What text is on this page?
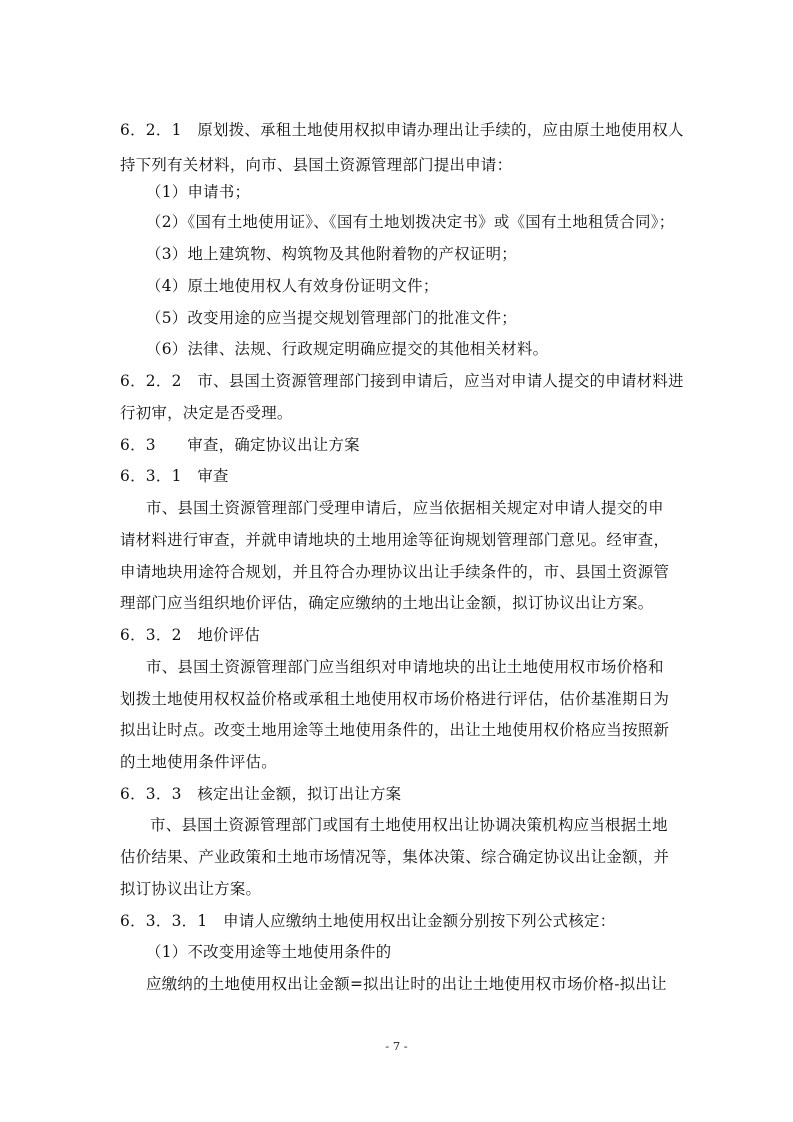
6．2．1　原划拨、承租土地使用权拟申请办理出让手续的，应由原土地使用权人
持下列有关材料，向市、县国土资源管理部门提出申请：
（1）申请书；
（2）《国有土地使用证》、《国有土地划拨决定书》或《国有土地租赁合同》；
（3）地上建筑物、构筑物及其他附着物的产权证明；
（4）原土地使用权人有效身份证明文件；
（5）改变用途的应当提交规划管理部门的批准文件；
（6）法律、法规、行政规定明确应提交的其他相关材料。
6．2．2　市、县国土资源管理部门接到申请后，应当对申请人提交的申请材料进
行初审，决定是否受理。
6．3　　审查，确定协议出让方案
6．3．1　审查
市、县国土资源管理部门受理申请后，应当依据相关规定对申请人提交的申
请材料进行审查，并就申请地块的土地用途等征询规划管理部门意见。经审查，
申请地块用途符合规划，并且符合办理协议出让手续条件的，市、县国土资源管
理部门应当组织地价评估，确定应缴纳的土地出让金额，拟订协议出让方案。
6．3．2　地价评估
市、县国土资源管理部门应当组织对申请地块的出让土地使用权市场价格和
划拨土地使用权权益价格或承租土地使用权市场价格进行评估，估价基准期日为
拟出让时点。改变土地用途等土地使用条件的，出让土地使用权价格应当按照新
的土地使用条件评估。
6．3．3　核定出让金额，拟订出让方案
市、县国土资源管理部门或国有土地使用权出让协调决策机构应当根据土地
估价结果、产业政策和土地市场情况等，集体决策、综合确定协议出让金额，并
拟订协议出让方案。
6．3．3．1　申请人应缴纳土地使用权出让金额分别按下列公式核定：
（1）不改变用途等土地使用条件的
应缴纳的土地使用权出让金额=拟出让时的出让土地使用权市场价格-拟出让
- 7 -
